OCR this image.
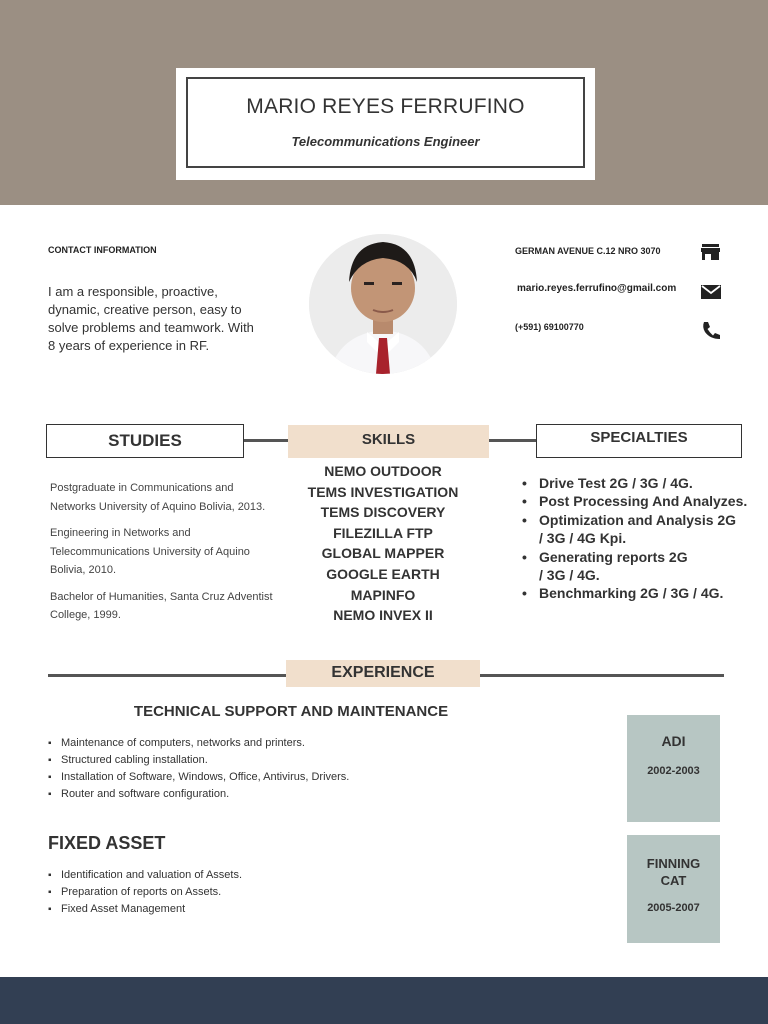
MARIO REYES FERRUFINO
Telecommunications Engineer
CONTACT INFORMATION
I am a responsible, proactive, dynamic, creative person, easy to solve problems and teamwork. With 8 years of experience in RF.
GERMAN AVENUE C.12 NRO 3070
mario.reyes.ferrufino@gmail.com
(+591) 69100770
STUDIES	SKILLS	SPECIALTIES

Postgraduate in Communications and Networks University of Aquino Bolivia, 2013.

Engineering in Networks and Telecommunications University of Aquino Bolivia, 2010.

Bachelor of Humanities, Santa Cruz Adventist College, 1999.

NEMO OUTDOOR
TEMS INVESTIGATION
TEMS DISCOVERY
FILEZILLA FTP
GLOBAL MAPPER
GOOGLE EARTH
MAPINFO
NEMO INVEX II
• Drive Test 2G / 3G / 4G.
• Post Processing And Analyzes.
• Optimization and Analysis 2G / 3G / 4G Kpi.
• Generating reports 2G / 3G / 4G.
• Benchmarking 2G / 3G / 4G.
EXPERIENCE
TECHNICAL SUPPORT AND MAINTENANCE
▪ Maintenance of computers, networks and printers.
▪ Structured cabling installation.
▪ Installation of Software, Windows, Office, Antivirus, Drivers.
▪ Router and software configuration.
ADI
2002-2003
FIXED ASSET
▪ Identification and valuation of Assets.
▪ Preparation of reports on Assets.
▪ Fixed Asset Management
FINNING CAT
2005-2007
